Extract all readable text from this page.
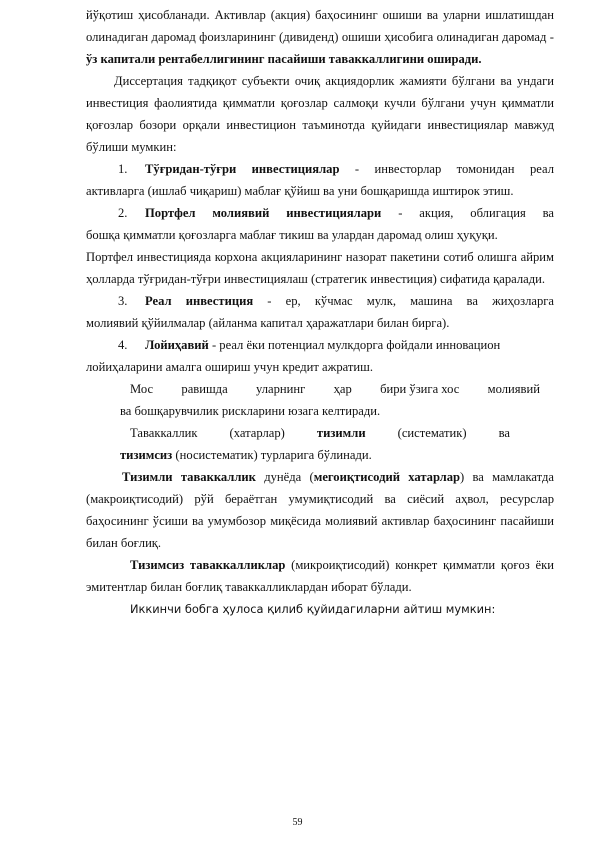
йўқотиш ҳисобланади. Активлар (акция) баҳосининг ошиши ва уларни ишлатишдан олинадиган даромад фоизларининг (дивиденд) ошиши ҳисобига олинадиган даромад - ўз капитали рентабеллигининг пасайиши таваккаллигини оширади.

Диссертация тадқиқот субъекти очиқ акциядорлик жамияти бўлгани ва ундаги инвестиция фаолиятида қимматли қоғозлар салмоқи кучли бўлгани учун қимматли қоғозлар бозори орқали инвестицион таъминотда қуйидаги инвестициялар мавжуд бўлиши мумкин:

1.	Тўғридан-тўғри инвестициялар - инвесторлар томонидан реал

активларга (ишлаб чиқариш) маблағ қўйиш ва уни бошқаришда иштирок этиш.

2.	Портфел молиявий инвестициялари - акция, облигация ва

бошқа қимматли қоғозларга маблағ тикиш ва улардан даромад олиш ҳуқуқи.

Портфел инвестицияда корхона акцияларининг назорат пакетини сотиб олишга айрим ҳолларда тўғридан-тўғри инвестициялаш (стратегик инвестиция) сифатида қаралади.

3.	Реал инвестиция - ер, кўчмас мулк, машина ва жиҳозларга

молиявий қўйилмалар (айланма капитал ҳаражатлари билан бирга).

4.	Лойиҳавий - реал ёки потенциал мулкдорга фойдали инновацион

лойиҳаларини амалга ошириш учун кредит ажратиш.

Мос равишда уларнинг ҳар бири ўзига хос молиявий

ва бошқарувчилик рискларини юзага келтиради.

Таваккаллик	(хатарлар)	тизимли	(систематик)	ва

тизимсиз (носистематик) турларига бўлинади.

Тизимли таваккаллик дунёда (мегоиқтисодий хатарлар) ва мамлакатда (макроиқтисодий) рўй бераётган умумиқтисодий ва сиёсий аҳвол, ресурслар баҳосининг ўсиши ва умумбозор миқёсида молиявий активлар баҳосининг пасайиши билан боғлиқ.

Тизимсиз таваккалликлар (микроиқтисодий) конкрет қимматли қоғоз ёки эмитентлар билан боғлиқ таваккалликлардан иборат бўлади.

Иккинчи бобга ҳулоса қилиб қуйидагиларни айтиш мумкин:

59
